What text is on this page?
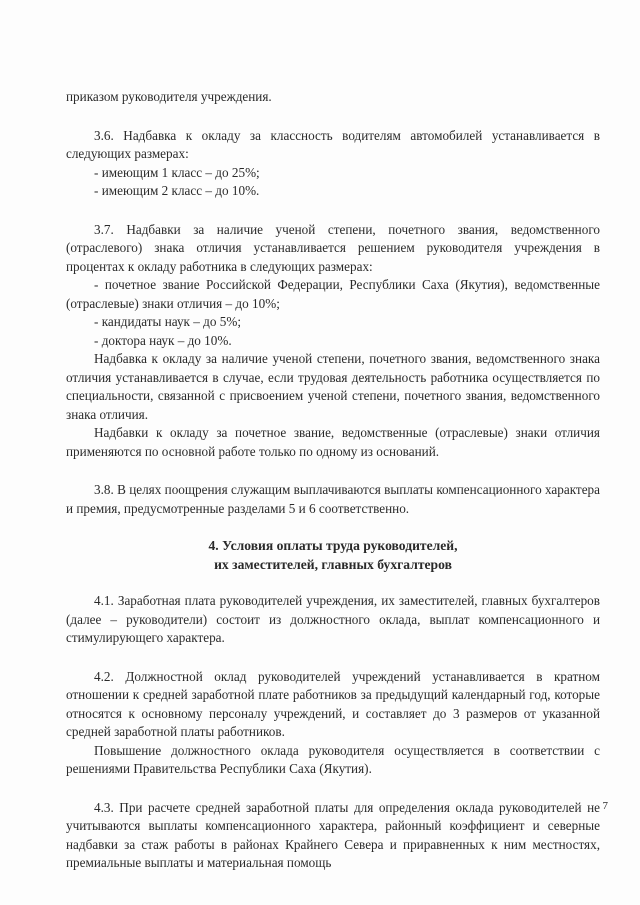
приказом руководителя учреждения.

3.6. Надбавка к окладу за классность водителям автомобилей устанавливается в следующих размерах:

- имеющим 1 класс – до 25%;

- имеющим 2 класс – до 10%.

3.7. Надбавки за наличие ученой степени, почетного звания, ведомственного (отраслевого) знака отличия устанавливается решением руководителя учреждения в процентах к окладу работника в следующих размерах:

- почетное звание Российской Федерации, Республики Саха (Якутия), ведомственные (отраслевые) знаки отличия – до 10%;

- кандидаты наук – до 5%;

- доктора наук – до 10%.

Надбавка к окладу за наличие ученой степени, почетного звания, ведомственного знака отличия устанавливается в случае, если трудовая деятельность работника осуществляется по специальности, связанной с присвоением ученой степени, почетного звания, ведомственного знака отличия.

Надбавки к окладу за почетное звание, ведомственные (отраслевые) знаки отличия применяются по основной работе только по одному из оснований.

3.8. В целях поощрения служащим выплачиваются выплаты компенсационного характера и премия, предусмотренные разделами 5 и 6 соответственно.

4. Условия оплаты труда руководителей,
их заместителей, главных бухгалтеров

4.1. Заработная плата руководителей учреждения, их заместителей, главных бухгалтеров (далее – руководители) состоит из должностного оклада, выплат компенсационного и стимулирующего характера.

4.2. Должностной оклад руководителей учреждений устанавливается в кратном отношении к средней заработной плате работников за предыдущий календарный год, которые относятся к основному персоналу учреждений, и составляет до 3 размеров от указанной средней заработной платы работников.

Повышение должностного оклада руководителя осуществляется в соответствии с решениями Правительства Республики Саха (Якутия).

4.3. При расчете средней заработной платы для определения оклада руководителей не учитываются выплаты компенсационного характера, районный коэффициент и северные надбавки за стаж работы в районах Крайнего Севера и приравненных к ним местностях, премиальные выплаты и материальная помощь

7
